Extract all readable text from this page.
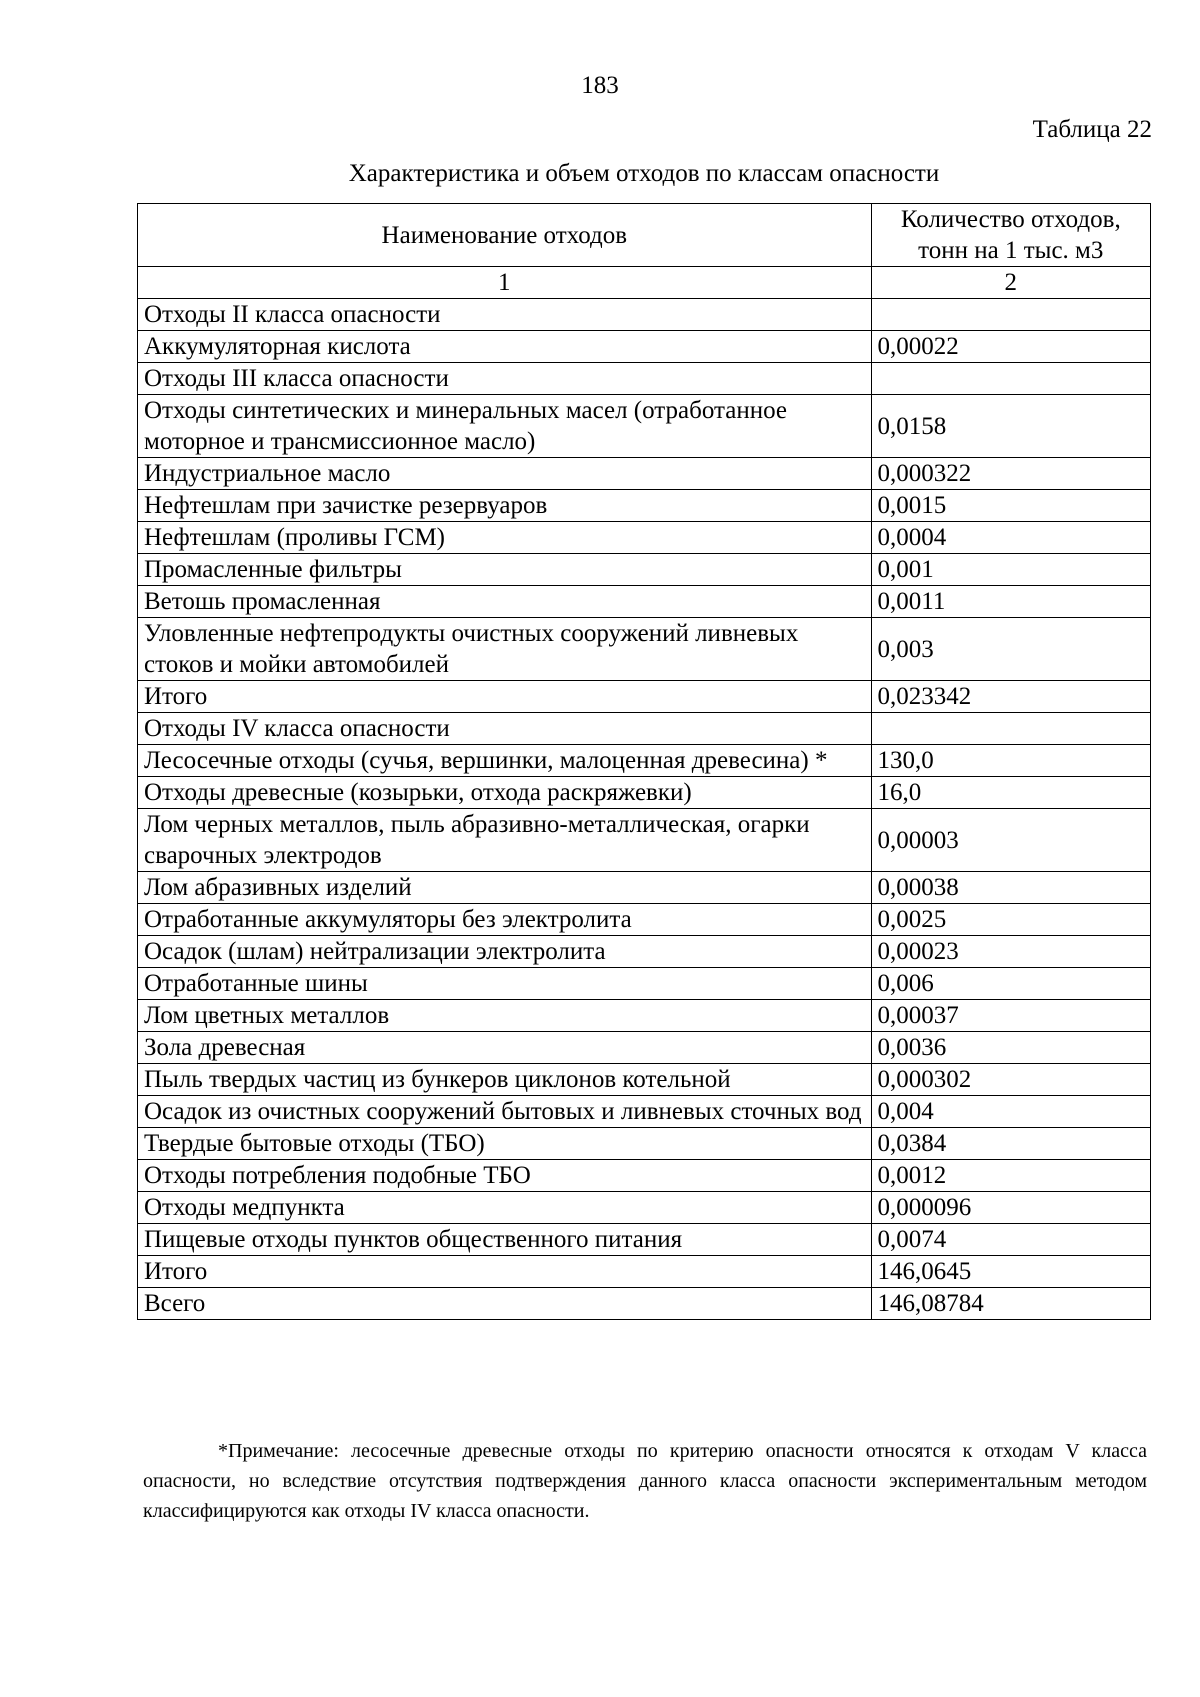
183
Таблица 22
Характеристика и объем отходов по классам опасности
Наименование отходов	Количество отходов, тонн на 1 тыс. м3
1	2
Отходы II класса опасности	
Аккумуляторная кислота	0,00022
Отходы III класса опасности	
Отходы синтетических и минеральных масел (отработанное моторное и трансмиссионное масло)	0,0158
Индустриальное масло	0,000322
Нефтешлам при зачистке резервуаров	0,0015
Нефтешлам (проливы ГСМ)	0,0004
Промасленные фильтры	0,001
Ветошь промасленная	0,0011
Уловленные нефтепродукты очистных сооружений ливневых стоков и мойки автомобилей	0,003
Итого	0,023342
Отходы IV класса опасности	
Лесосечные отходы (сучья, вершинки, малоценная древесина) *	130,0
Отходы древесные (козырьки, отхода раскряжевки)	16,0
Лом черных металлов, пыль абразивно-металлическая, огарки сварочных электродов	0,00003
Лом абразивных изделий	0,00038
Отработанные аккумуляторы без электролита	0,0025
Осадок (шлам) нейтрализации электролита	0,00023
Отработанные шины	0,006
Лом цветных металлов	0,00037
Зола древесная	0,0036
Пыль твердых частиц из бункеров циклонов котельной	0,000302
Осадок из очистных сооружений бытовых и ливневых сточных вод	0,004
Твердые бытовые отходы (ТБО)	0,0384
Отходы потребления подобные ТБО	0,0012
Отходы медпункта	0,000096
Пищевые отходы пунктов общественного питания	0,0074
Итого	146,0645
Всего	146,08784
*Примечание: лесосечные древесные отходы по критерию опасности относятся к отходам V класса опасности, но вследствие отсутствия подтверждения данного класса опасности экспериментальным методом классифицируются как отходы IV класса опасности.
